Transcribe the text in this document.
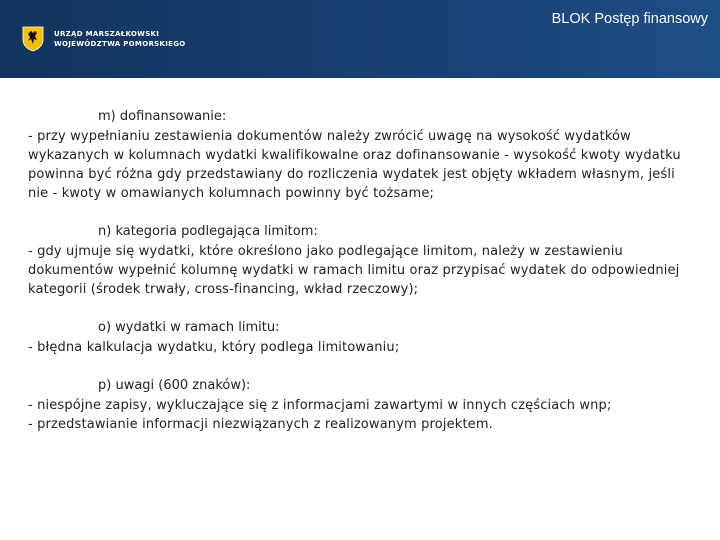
URZĄD MARSZAŁKOWSKI
WOJEWÓDZTWA POMORSKIEGO
BLOK Postęp finansowy
m) dofinansowanie:
- przy wypełnianiu zestawienia dokumentów należy zwrócić uwagę na wysokość wydatków wykazanych w kolumnach wydatki kwalifikowalne oraz dofinansowanie - wysokość kwoty wydatku powinna być różna gdy przedstawiany do rozliczenia wydatek jest objęty wkładem własnym, jeśli nie - kwoty w omawianych kolumnach powinny być tożsame;
n) kategoria podlegająca limitom:
- gdy ujmuje się wydatki, które określono jako podlegające limitom, należy w zestawieniu dokumentów wypełnić kolumnę wydatki w ramach limitu oraz przypisać wydatek do odpowiedniej kategorii (środek trwały, cross-financing, wkład rzeczowy);
o) wydatki w ramach limitu:
- błędna kalkulacja wydatku, który podlega limitowaniu;
p) uwagi (600 znaków):
- niespójne zapisy, wykluczające się z informacjami zawartymi w innych częściach wnp;
- przedstawianie informacji niezwiązanych z realizowanym projektem.
